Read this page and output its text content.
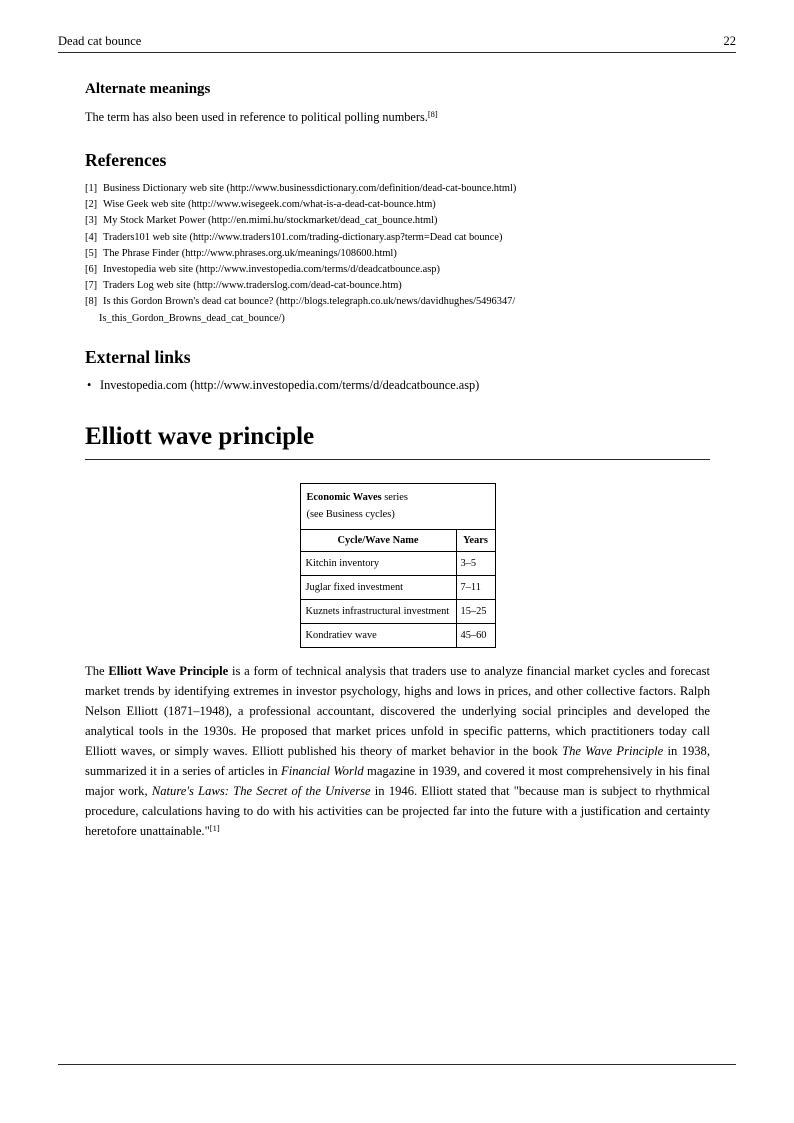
Dead cat bounce	22
Alternate meanings

The term has also been used in reference to political polling numbers.[8]

References
[1] Business Dictionary web site (http://www.businessdictionary.com/definition/dead-cat-bounce.html)
[2] Wise Geek web site (http://www.wisegeek.com/what-is-a-dead-cat-bounce.htm)
[3] My Stock Market Power (http://en.mimi.hu/stockmarket/dead_cat_bounce.html)
[4] Traders101 web site (http://www.traders101.com/trading-dictionary.asp?term=Dead cat bounce)
[5] The Phrase Finder (http://www.phrases.org.uk/meanings/108600.html)
[6] Investopedia web site (http://www.investopedia.com/terms/d/deadcatbounce.asp)
[7] Traders Log web site (http://www.traderslog.com/dead-cat-bounce.htm)
[8] Is this Gordon Brown's dead cat bounce? (http://blogs.telegraph.co.uk/news/davidhughes/5496347/
Is_this_Gordon_Browns_dead_cat_bounce/)
External links
• Investopedia.com (http://www.investopedia.com/terms/d/deadcatbounce.asp)
Elliott wave principle
Economic Waves series
(see Business cycles)	

Cycle/Wave Name	Years
Kitchin inventory	3–5
Juglar fixed investment	7–11
Kuznets infrastructural investment	15–25
Kondratiev wave	45–60

The Elliott Wave Principle is a form of technical analysis that traders use to analyze financial market cycles and forecast market trends by identifying extremes in investor psychology, highs and lows in prices, and other collective factors. Ralph Nelson Elliott (1871–1948), a professional accountant, discovered the underlying social principles and developed the analytical tools in the 1930s. He proposed that market prices unfold in specific patterns, which practitioners today call Elliott waves, or simply waves. Elliott published his theory of market behavior in the book The Wave Principle in 1938, summarized it in a series of articles in Financial World magazine in 1939, and covered it most comprehensively in his final major work, Nature's Laws: The Secret of the Universe in 1946. Elliott stated that "because man is subject to rhythmical procedure, calculations having to do with his activities can be projected far into the future with a justification and certainty heretofore unattainable."[1]
